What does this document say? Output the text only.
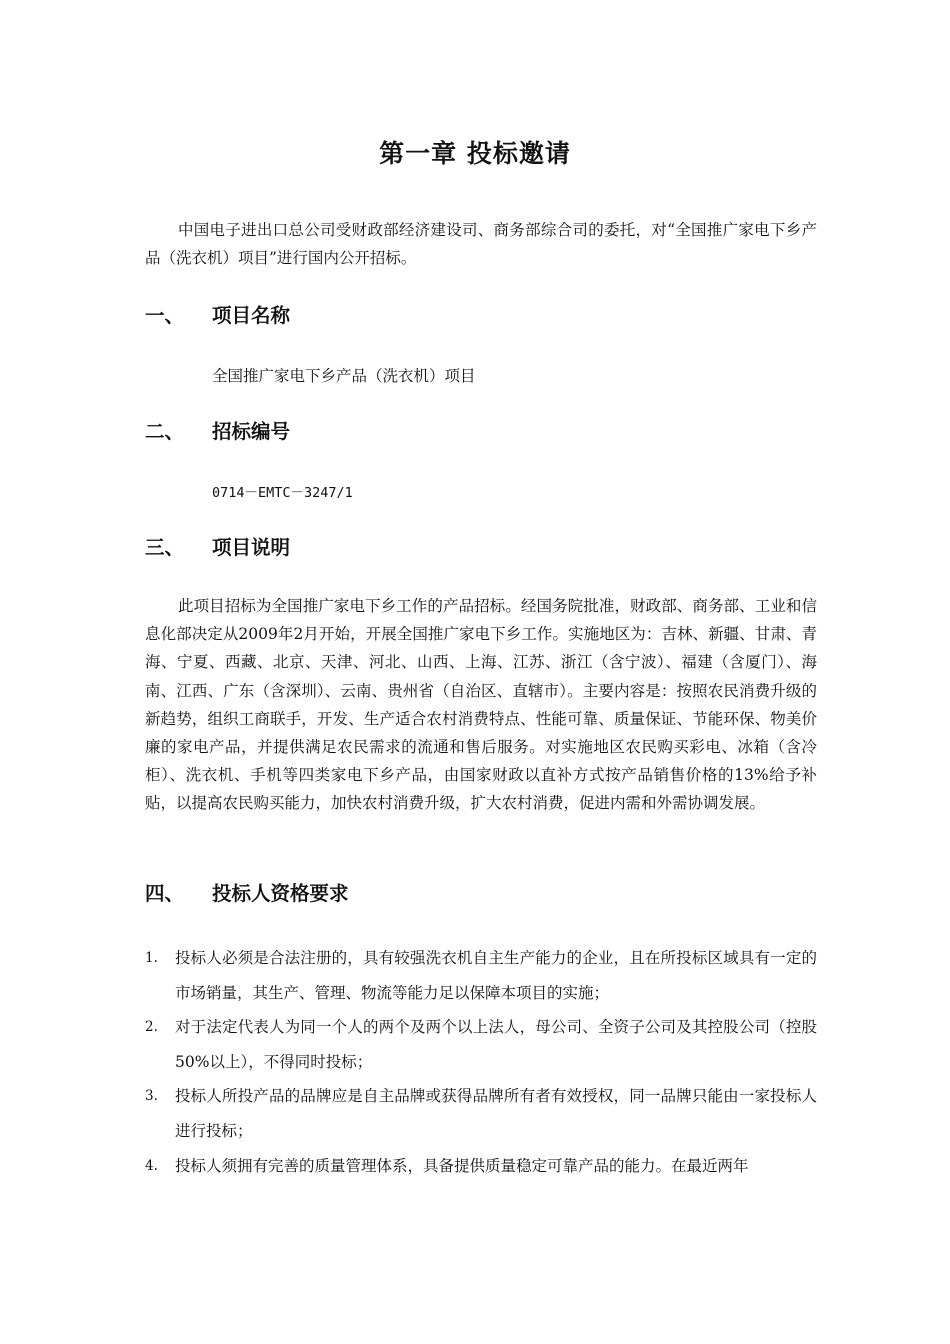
第一章 投标邀请

中国电子进出口总公司受财政部经济建设司、商务部综合司的委托，对“全国推广家电下乡产品（洗衣机）项目”进行国内公开招标。

一、	项目名称

全国推广家电下乡产品（洗衣机）项目

二、	招标编号

0714－EMTC－3247/1

三、	项目说明

此项目招标为全国推广家电下乡工作的产品招标。经国务院批准，财政部、商务部、工业和信息化部决定从2009年2月开始，开展全国推广家电下乡工作。实施地区为：吉林、新疆、甘肃、青海、宁夏、西藏、北京、天津、河北、山西、上海、江苏、浙江（含宁波）、福建（含厦门）、海南、江西、广东（含深圳）、云南、贵州省（自治区、直辖市）。主要内容是：按照农民消费升级的新趋势，组织工商联手，开发、生产适合农村消费特点、性能可靠、质量保证、节能环保、物美价廉的家电产品，并提供满足农民需求的流通和售后服务。对实施地区农民购买彩电、冰箱（含冷柜）、洗衣机、手机等四类家电下乡产品，由国家财政以直补方式按产品销售价格的13%给予补贴，以提高农民购买能力，加快农村消费升级，扩大农村消费，促进内需和外需协调发展。

四、	投标人资格要求
1. 投标人必须是合法注册的，具有较强洗衣机自主生产能力的企业，且在所投标区域具有一定的市场销量，其生产、管理、物流等能力足以保障本项目的实施；
2. 对于法定代表人为同一个人的两个及两个以上法人，母公司、全资子公司及其控股公司（控股50%以上），不得同时投标；
3. 投标人所投产品的品牌应是自主品牌或获得品牌所有者有效授权，同一品牌只能由一家投标人进行投标；
4. 投标人须拥有完善的质量管理体系，具备提供质量稳定可靠产品的能力。在最近两年
